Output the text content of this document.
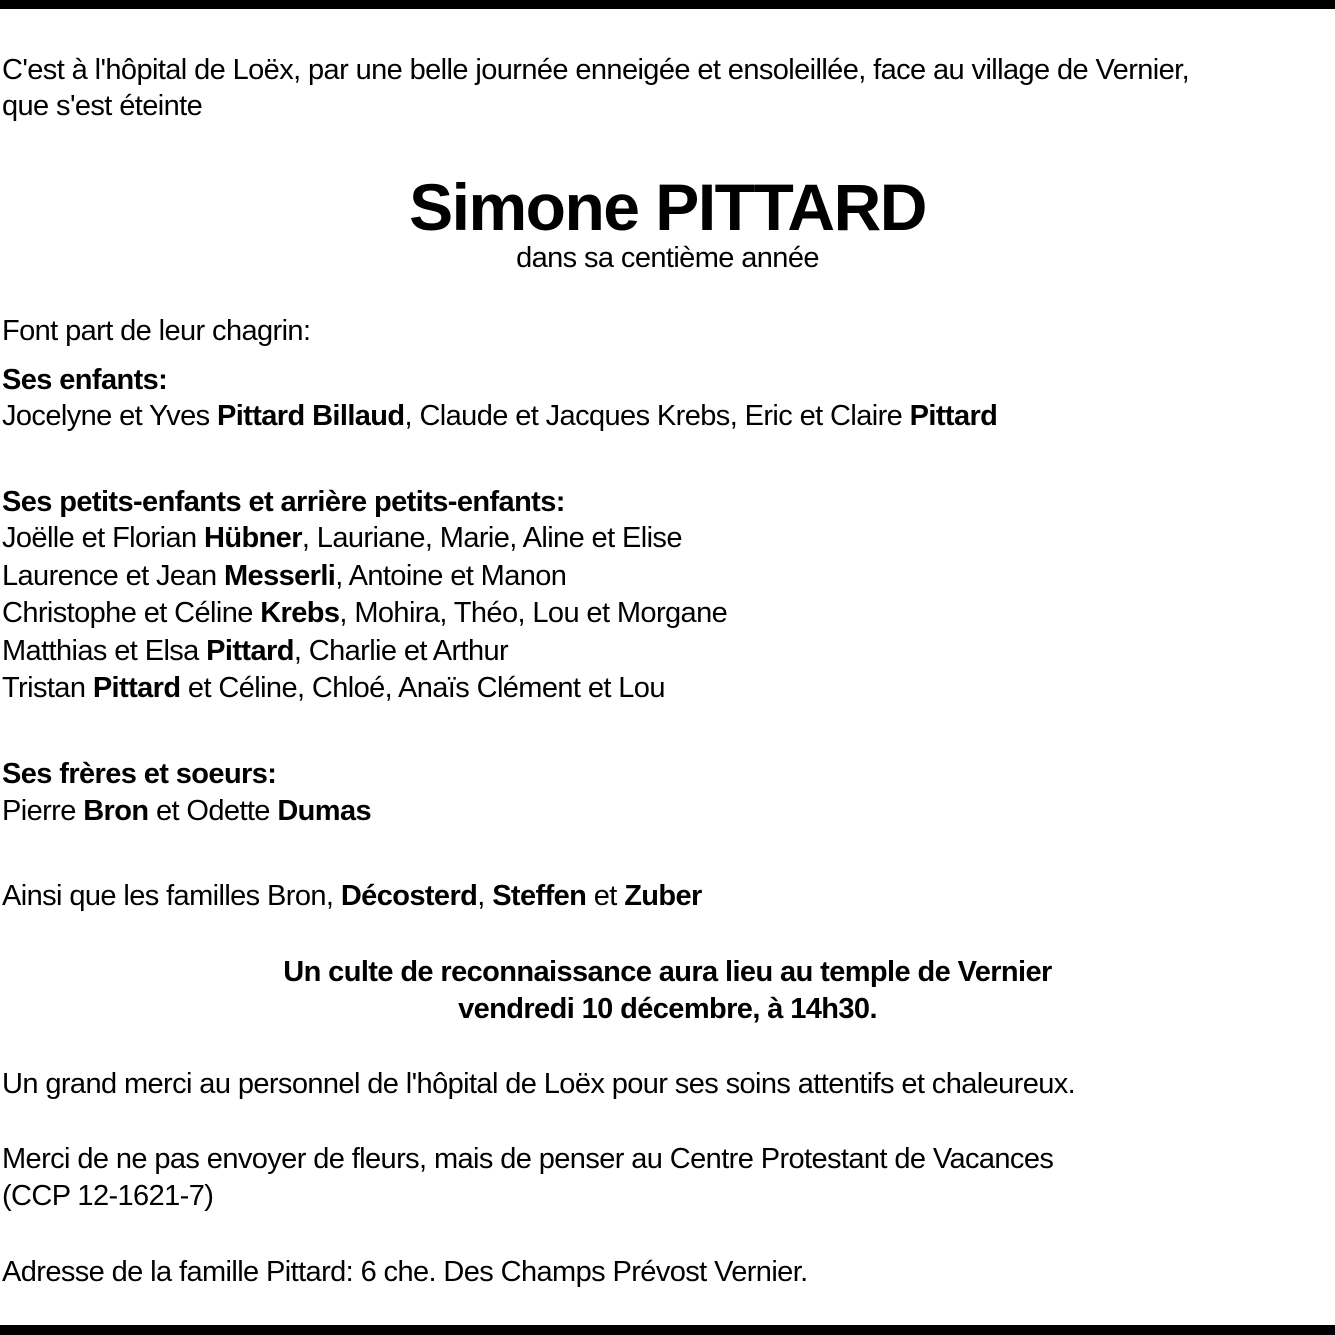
C'est à l'hôpital de Loëx, par une belle journée enneigée et ensoleillée, face au village de Vernier,
que s'est éteinte
Simone PITTARD
dans sa centième année
Font part de leur chagrin:
Ses enfants:
Jocelyne et Yves Pittard Billaud, Claude et Jacques Krebs, Eric et Claire Pittard
Ses petits-enfants et arrière petits-enfants:
Joëlle et Florian Hübner, Lauriane, Marie, Aline et Elise
Laurence et Jean Messerli, Antoine et Manon
Christophe et Céline Krebs, Mohira, Théo, Lou et Morgane
Matthias et Elsa Pittard, Charlie et Arthur
Tristan Pittard et Céline, Chloé, Anaïs Clément et Lou
Ses frères et soeurs:
Pierre Bron et Odette Dumas
Ainsi que les familles Bron, Décosterd, Steffen et Zuber
Un culte de reconnaissance aura lieu au temple de Vernier
vendredi 10 décembre, à 14h30.
Un grand merci au personnel de l'hôpital de Loëx pour ses soins attentifs et chaleureux.
Merci de ne pas envoyer de fleurs, mais de penser au Centre Protestant de Vacances
(CCP 12-1621-7)
Adresse de la famille Pittard: 6 che. Des Champs Prévost Vernier.
